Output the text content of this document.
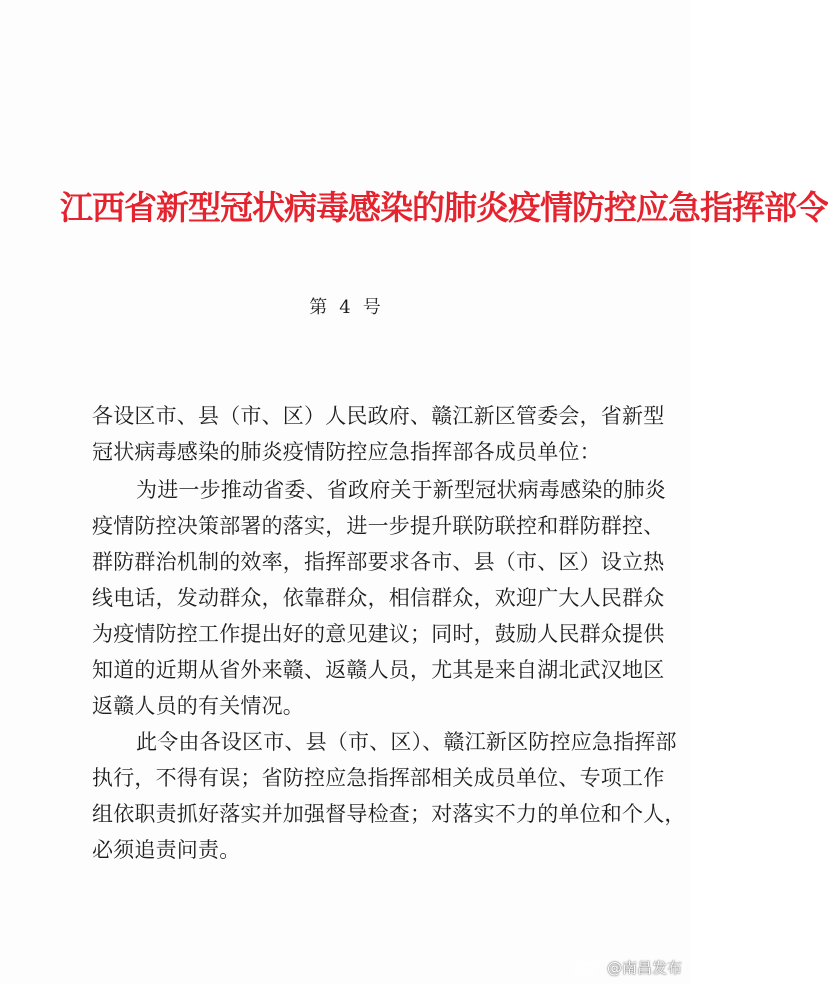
江西省新型冠状病毒感染的肺炎疫情防控应急指挥部令
第 4 号
各设区市、县（市、区）人民政府、赣江新区管委会，省新型
冠状病毒感染的肺炎疫情防控应急指挥部各成员单位：
为进一步推动省委、省政府关于新型冠状病毒感染的肺炎
疫情防控决策部署的落实，进一步提升联防联控和群防群控、
群防群治机制的效率，指挥部要求各市、县（市、区）设立热
线电话，发动群众，依靠群众，相信群众，欢迎广大人民群众
为疫情防控工作提出好的意见建议；同时，鼓励人民群众提供
知道的近期从省外来赣、返赣人员，尤其是来自湖北武汉地区
返赣人员的有关情况。
此令由各设区市、县（市、区）、赣江新区防控应急指挥部
执行，不得有误；省防控应急指挥部相关成员单位、专项工作
组依职责抓好落实并加强督导检查；对落实不力的单位和个人，
必须追责问责。
@南昌发布
